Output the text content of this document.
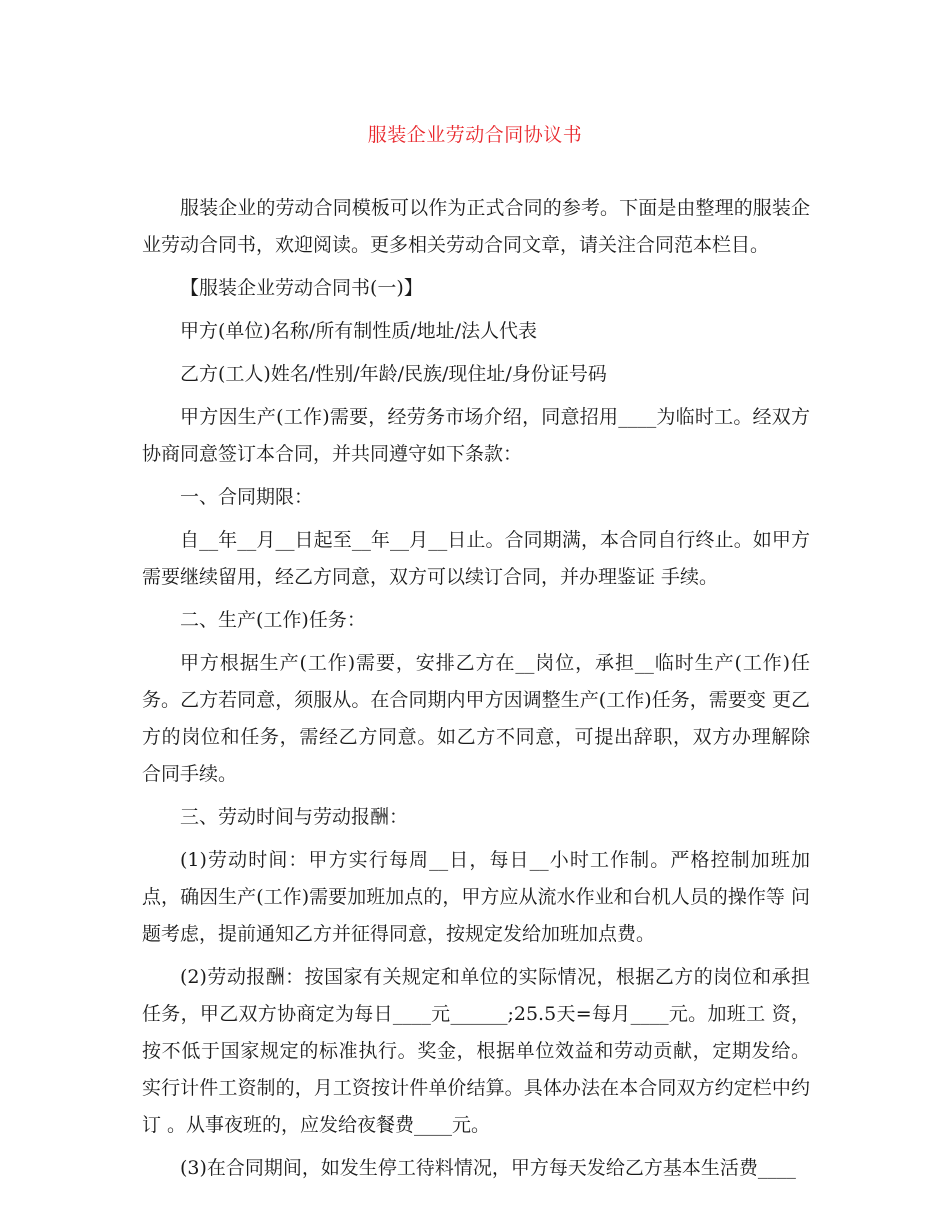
服装企业劳动合同协议书

服装企业的劳动合同模板可以作为正式合同的参考。下面是由整理的服装企业劳动合同书，欢迎阅读。更多相关劳动合同文章，请关注合同范本栏目。

【服装企业劳动合同书(一)】

甲方(单位)名称/所有制性质/地址/法人代表

乙方(工人)姓名/性别/年龄/民族/现住址/身份证号码

甲方因生产(工作)需要，经劳务市场介绍，同意招用____为临时工。经双方协商同意签订本合同，并共同遵守如下条款：

一、合同期限：

自__年__月__日起至__年__月__日止。合同期满，本合同自行终止。如甲方需要继续留用，经乙方同意，双方可以续订合同，并办理鉴证 手续。

二、生产(工作)任务：

甲方根据生产(工作)需要，安排乙方在__岗位，承担__临时生产(工作)任务。乙方若同意，须服从。在合同期内甲方因调整生产(工作)任务，需要变 更乙方的岗位和任务，需经乙方同意。如乙方不同意，可提出辞职，双方办理解除 合同手续。

三、劳动时间与劳动报酬：

(1)劳动时间：甲方实行每周__日，每日__小时工作制。严格控制加班加点，确因生产(工作)需要加班加点的，甲方应从流水作业和台机人员的操作等 问题考虑，提前通知乙方并征得同意，按规定发给加班加点费。

(2)劳动报酬：按国家有关规定和单位的实际情况，根据乙方的岗位和承担任务，甲乙双方协商定为每日____元______;25.5天=每月____元。加班工 资，按不低于国家规定的标准执行。奖金，根据单位效益和劳动贡献，定期发给。 实行计件工资制的，月工资按计件单价结算。具体办法在本合同双方约定栏中约订 。从事夜班的，应发给夜餐费____元。

(3)在合同期间，如发生停工待料情况，甲方每天发给乙方基本生活费____
